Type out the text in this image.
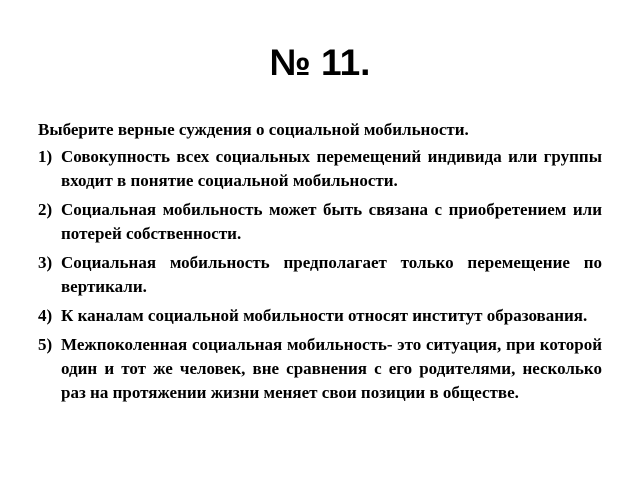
№ 11.

Выберите верные суждения о социальной мобильности.

1) Совокупность всех социальных перемещений индивида или группы входит в понятие социальной мобильности.
2) Социальная мобильность может быть связана с приобретением или потерей собственности.
3) Социальная мобильность предполагает только перемещение по вертикали.
4) К каналам социальной мобильности относят институт образования.
5) Межпоколенная социальная мобильность- это ситуация, при которой один и тот же человек, вне сравнения с его родителями, несколько раз на протяжении жизни меняет свои позиции в обществе.
